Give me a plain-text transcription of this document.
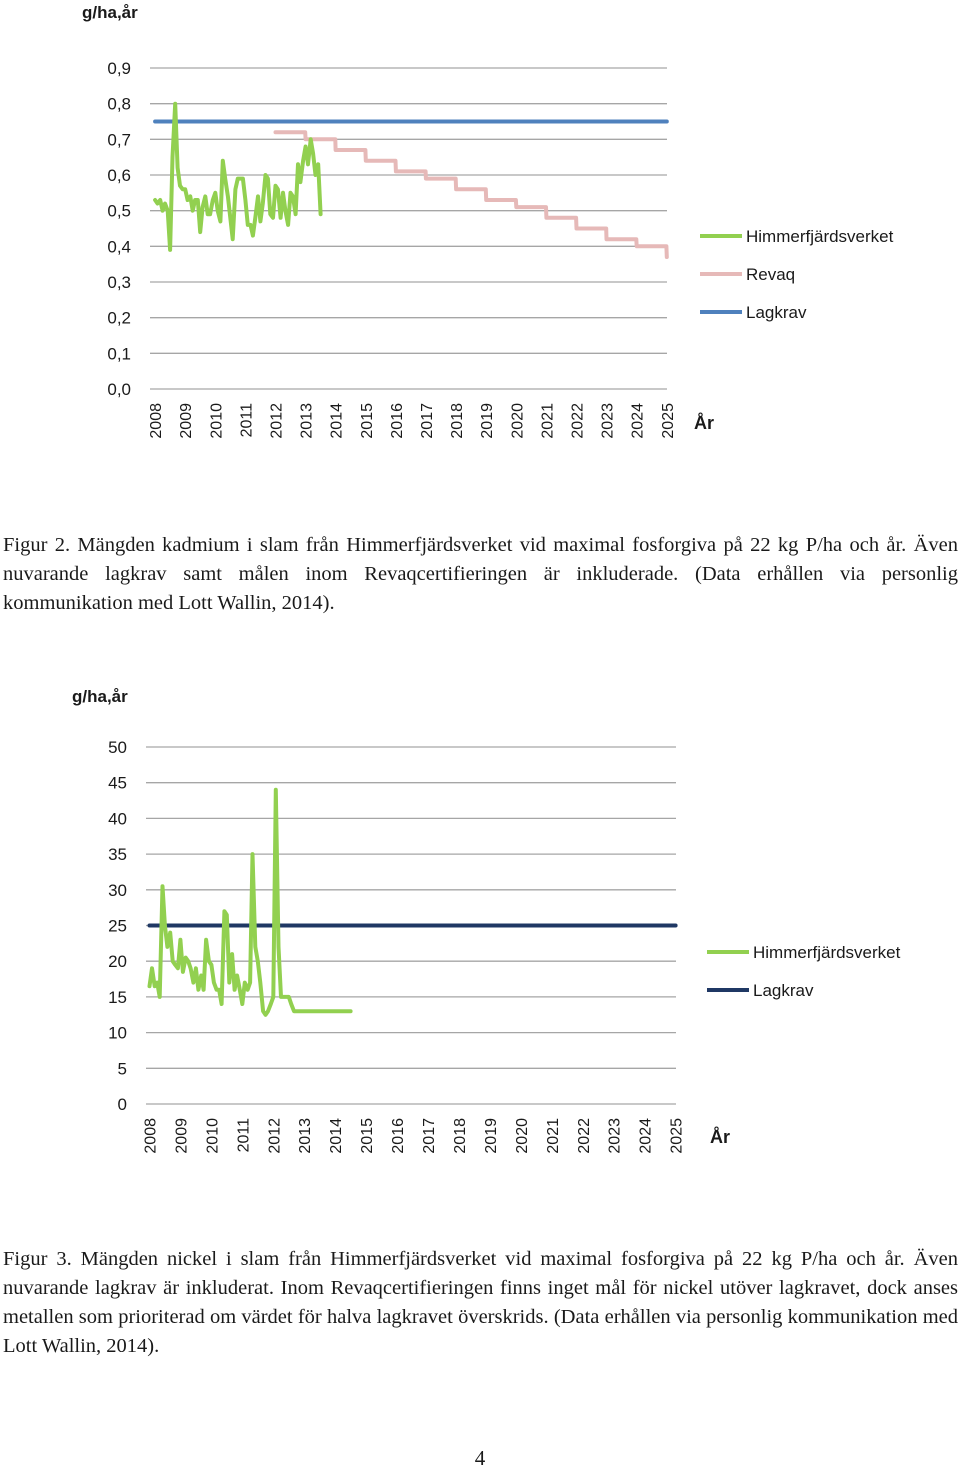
g/ha,år
0,0
0,1
0,2
0,3
0,4
0,5
0,6
0,7
0,8
0,9
2008 2009 2010 2011 2012 2013 2014 2015 2016 2017 2018 2019 2020 2021 2022 2023 2024 2025 År
Himmerfjärdsverket
Revaq
Lagkrav

Figur 2. Mängden kadmium i slam från Himmerfjärdsverket vid maximal fosforgiva på 22 kg P/ha och år. Även nuvarande lagkrav samt målen inom Revaqcertifieringen är inkluderade. (Data erhållen via personlig kommunikation med Lott Wallin, 2014).

g/ha,år
0
5
10
15
20
25
30
35
40
45
50
2008 2009 2010 2011 2012 2013 2014 2015 2016 2017 2018 2019 2020 2021 2022 2023 2024 2025 År
Himmerfjärdsverket
Lagkrav

Figur 3. Mängden nickel i slam från Himmerfjärdsverket vid maximal fosforgiva på 22 kg P/ha och år. Även nuvarande lagkrav är inkluderat. Inom Revaqcertifieringen finns inget mål för nickel utöver lagkravet, dock anses metallen som prioriterad om värdet för halva lagkravet överskrids. (Data erhållen via personlig kommunikation med Lott Wallin, 2014).

4
